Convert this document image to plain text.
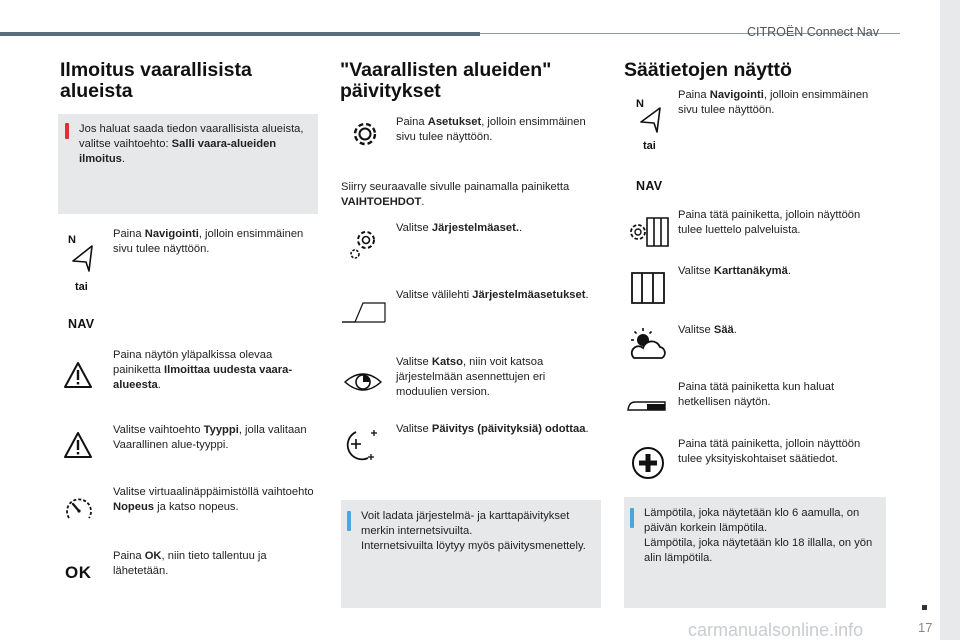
CITROËN Connect Nav
17
carmanualsonline.info
Ilmoitus vaarallisista alueista
Jos haluat saada tiedon vaarallisista alueista, valitse vaihtoehto: Salli vaara-alueiden ilmoitus.
N
tai
NAV
Paina Navigointi, jolloin ensimmäinen sivu tulee näyttöön.
Paina näytön yläpalkissa olevaa painiketta Ilmoittaa uudesta vaara-alueesta.
Valitse vaihtoehto Tyyppi, jolla valitaan Vaarallinen alue-tyyppi.
Valitse virtuaalinäppäimistöllä vaihtoehto Nopeus ja katso nopeus.
OK
Paina OK, niin tieto tallentuu ja lähetetään.
"Vaarallisten alueiden" päivitykset
Paina Asetukset, jolloin ensimmäinen sivu tulee näyttöön.
Siirry seuraavalle sivulle painamalla painiketta VAIHTOEHDOT.
Valitse Järjestelmäaset..
Valitse välilehti Järjestelmäasetukset.
Valitse Katso, niin voit katsoa järjestelmään asennettujen eri moduulien version.
Valitse Päivitys (päivityksiä) odottaa.
Voit ladata järjestelmä- ja karttapäivitykset merkin internetsivuilta.
Internetsivuilta löytyy myös päivitysmenettely.
Säätietojen näyttö
N
tai
NAV
Paina Navigointi, jolloin ensimmäinen sivu tulee näyttöön.
Paina tätä painiketta, jolloin näyttöön tulee luettelo palveluista.
Valitse Karttanäkymä.
Valitse Sää.
Paina tätä painiketta kun haluat hetkellisen näytön.
Paina tätä painiketta, jolloin näyttöön tulee yksityiskohtaiset säätiedot.
Lämpötila, joka näytetään klo 6 aamulla, on päivän korkein lämpötila.
Lämpötila, joka näytetään klo 18 illalla, on yön alin lämpötila.
